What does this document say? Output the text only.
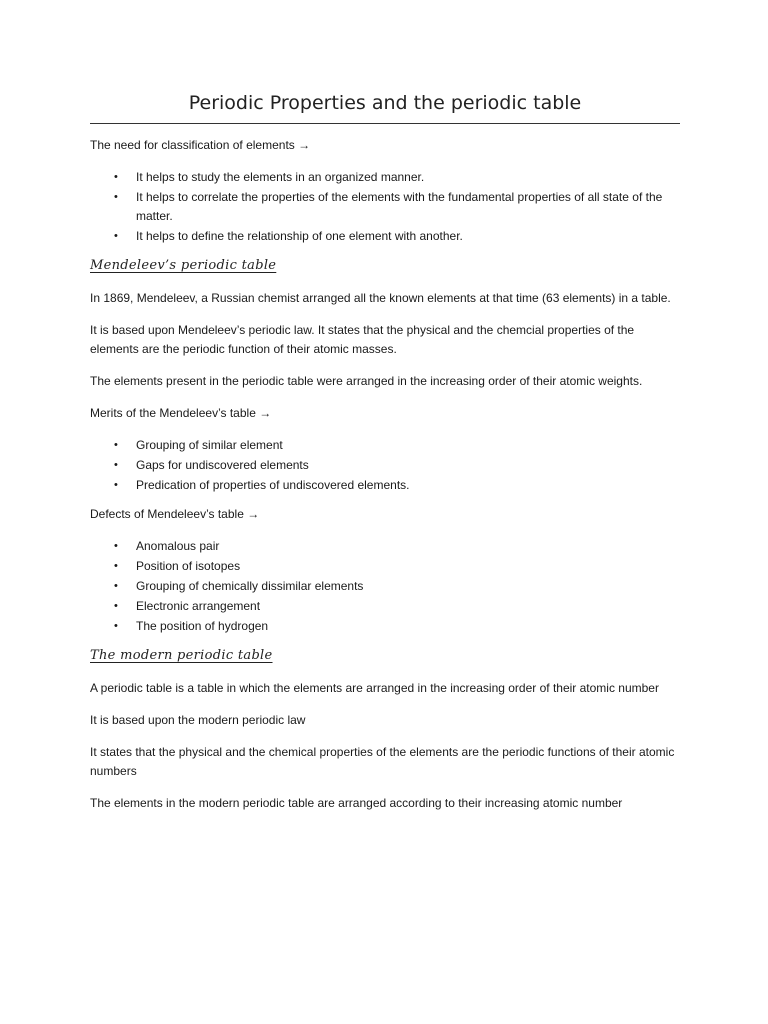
Periodic Properties and the periodic table

The need for classification of elements →

• It helps to study the elements in an organized manner.
• It helps to correlate the properties of the elements with the fundamental properties of all state of the matter.
• It helps to define the relationship of one element with another.
Mendeleev’s periodic table

In 1869, Mendeleev, a Russian chemist arranged all the known elements at that time (63 elements) in a table.

It is based upon Mendeleev’s periodic law. It states that the physical and the chemcial properties of the elements are the periodic function of their atomic masses.

The elements present in the periodic table were arranged in the increasing order of their atomic weights.

Merits of the Mendeleev’s table →

• Grouping of similar element
• Gaps for undiscovered elements
• Predication of properties of undiscovered elements.

Defects of Mendeleev’s table →

• Anomalous pair
• Position of isotopes
• Grouping of chemically dissimilar elements
• Electronic arrangement
• The position of hydrogen
The modern periodic table

A periodic table is a table in which the elements are arranged in the increasing order of their atomic number

It is based upon the modern periodic law

It states that the physical and the chemical properties of the elements are the periodic functions of their atomic numbers

The elements in the modern periodic table are arranged according to their increasing atomic number
